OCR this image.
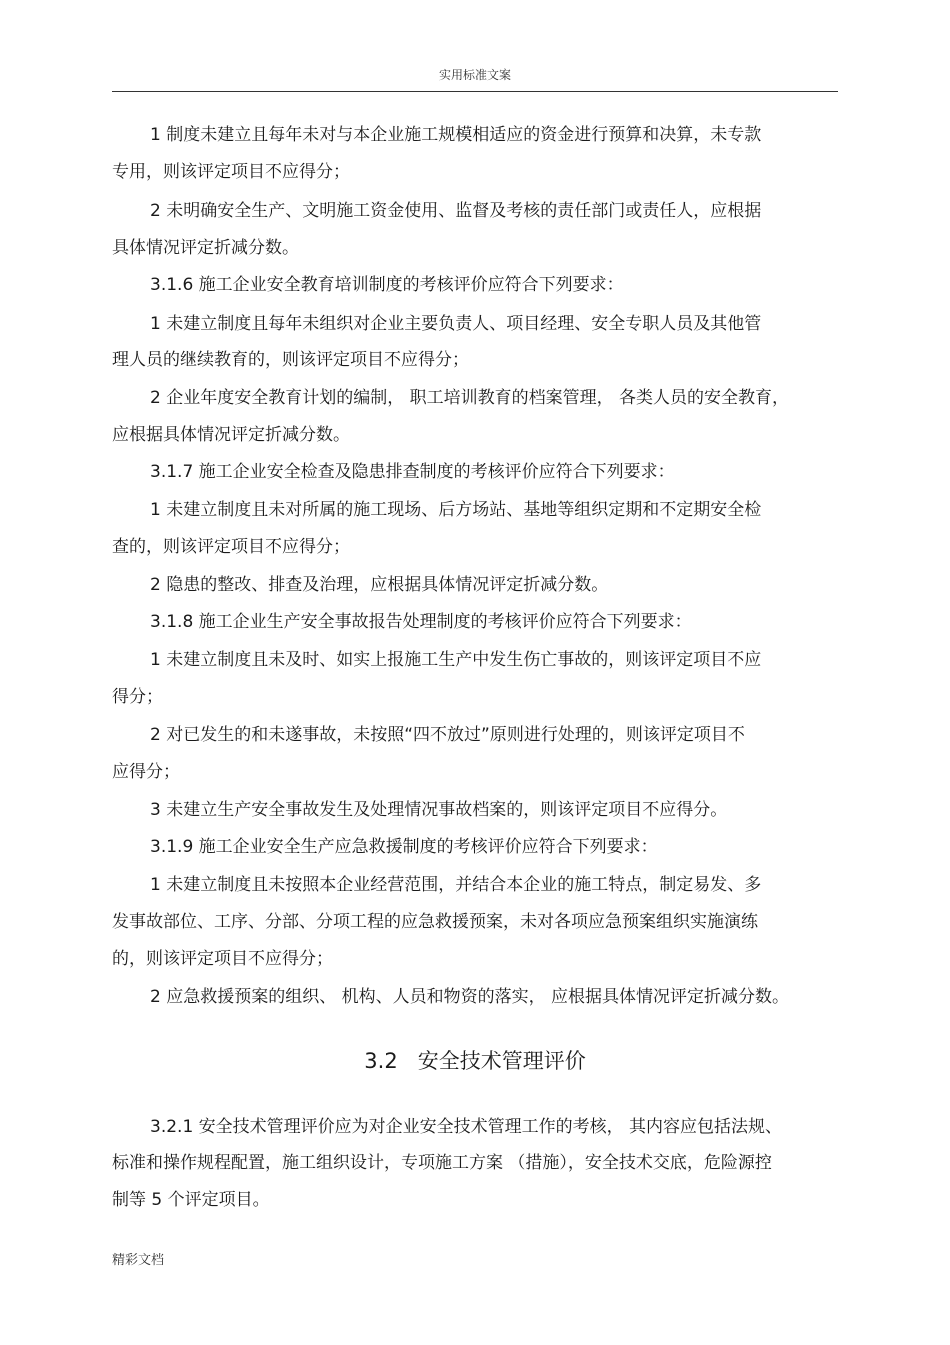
实用标准文案
1 制度未建立且每年未对与本企业施工规模相适应的资金进行预算和决算，未专款
专用，则该评定项目不应得分；
2 未明确安全生产、文明施工资金使用、监督及考核的责任部门或责任人，应根据
具体情况评定折减分数。
3.1.6 施工企业安全教育培训制度的考核评价应符合下列要求：
1 未建立制度且每年未组织对企业主要负责人、项目经理、安全专职人员及其他管
理人员的继续教育的，则该评定项目不应得分；
2 企业年度安全教育计划的编制， 职工培训教育的档案管理， 各类人员的安全教育，
应根据具体情况评定折减分数。
3.1.7 施工企业安全检查及隐患排查制度的考核评价应符合下列要求：
1 未建立制度且未对所属的施工现场、后方场站、基地等组织定期和不定期安全检
查的，则该评定项目不应得分；
2 隐患的整改、排查及治理，应根据具体情况评定折减分数。
3.1.8 施工企业生产安全事故报告处理制度的考核评价应符合下列要求：
1 未建立制度且未及时、如实上报施工生产中发生伤亡事故的，则该评定项目不应
得分；
2 对已发生的和未遂事故，未按照“四不放过”原则进行处理的，则该评定项目不
应得分；
3 未建立生产安全事故发生及处理情况事故档案的，则该评定项目不应得分。
3.1.9 施工企业安全生产应急救援制度的考核评价应符合下列要求：
1 未建立制度且未按照本企业经营范围，并结合本企业的施工特点，制定易发、多
发事故部位、工序、分部、分项工程的应急救援预案，未对各项应急预案组织实施演练
的，则该评定项目不应得分；
2 应急救援预案的组织、 机构、人员和物资的落实， 应根据具体情况评定折减分数。
3.2   安全技术管理评价
3.2.1 安全技术管理评价应为对企业安全技术管理工作的考核， 其内容应包括法规、
标准和操作规程配置，施工组织设计，专项施工方案 （措施），安全技术交底，危险源控
制等 5 个评定项目。
精彩文档
